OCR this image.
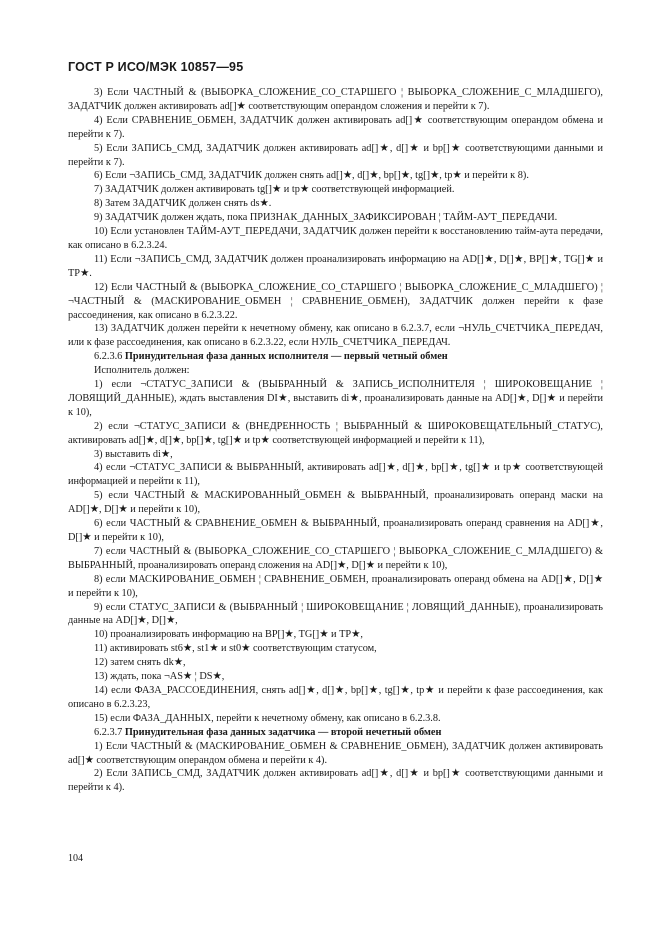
ГОСТ Р ИСО/МЭК 10857—95

3) Если ЧАСТНЫЙ & (ВЫБОРКА_СЛОЖЕНИЕ_СО_СТАРШЕГО ¦ ВЫБОРКА_СЛОЖЕНИЕ_С_МЛАДШЕГО), ЗАДАТЧИК должен активировать ad[]★ соответствующим операндом сложения и перейти к 7).

4) Если СРАВНЕНИЕ_ОБМЕН, ЗАДАТЧИК должен активировать ad[]★ соответствующим операндом обмена и перейти к 7).

5) Если ЗАПИСЬ_СМД, ЗАДАТЧИК должен активировать ad[]★, d[]★ и bp[]★ соответствующими данными и перейти к 7).

6) Если ¬ЗАПИСЬ_СМД, ЗАДАТЧИК должен снять ad[]★, d[]★, bp[]★, tg[]★, tp★ и перейти к 8).

7) ЗАДАТЧИК должен активировать tg[]★ и tp★ соответствующей информацией.

8) Затем ЗАДАТЧИК должен снять ds★.

9) ЗАДАТЧИК должен ждать, пока ПРИЗНАК_ДАННЫХ_ЗАФИКСИРОВАН ¦ ТАЙМ-АУТ_ПЕРЕДАЧИ.

10) Если установлен ТАЙМ-АУТ_ПЕРЕДАЧИ, ЗАДАТЧИК должен перейти к восстановлению тайм-аута передачи, как описано в 6.2.3.24.

11) Если ¬ЗАПИСЬ_СМД, ЗАДАТЧИК должен проанализировать информацию на AD[]★, D[]★, BP[]★, TG[]★ и TP★.

12) Если ЧАСТНЫЙ & (ВЫБОРКА_СЛОЖЕНИЕ_СО_СТАРШЕГО ¦ ВЫБОРКА_СЛОЖЕНИЕ_С_МЛАДШЕГО) ¦ ¬ЧАСТНЫЙ & (МАСКИРОВАНИЕ_ОБМЕН ¦ СРАВНЕНИЕ_ОБМЕН), ЗАДАТЧИК должен перейти к фазе рассоединения, как описано в 6.2.3.22.

13) ЗАДАТЧИК должен перейти к нечетному обмену, как описано в 6.2.3.7, если ¬НУЛЬ_СЧЕТЧИКА_ПЕРЕДАЧ, или к фазе рассоединения, как описано в 6.2.3.22, если НУЛЬ_СЧЕТЧИКА_ПЕРЕДАЧ.

6.2.3.6 Принудительная фаза данных исполнителя — первый четный обмен

Исполнитель должен:

1) если ¬СТАТУС_ЗАПИСИ & (ВЫБРАННЫЙ & ЗАПИСЬ_ИСПОЛНИТЕЛЯ ¦ ШИРОКОВЕЩАНИЕ ¦ ЛОВЯЩИЙ_ДАННЫЕ), ждать выставления DI★, выставить di★, проанализировать данные на AD[]★, D[]★ и перейти к 10),

2) если ¬СТАТУС_ЗАПИСИ & (ВНЕДРЕННОСТЬ ¦ ВЫБРАННЫЙ & ШИРОКОВЕЩАТЕЛЬНЫЙ_СТАТУС), активировать ad[]★, d[]★, bp[]★, tg[]★ и tp★ соответствующей информацией и перейти к 11),

3) выставить di★,

4) если ¬СТАТУС_ЗАПИСИ & ВЫБРАННЫЙ, активировать ad[]★, d[]★, bp[]★, tg[]★ и tp★ соответствующей информацией и перейти к 11),

5) если ЧАСТНЫЙ & МАСКИРОВАННЫЙ_ОБМЕН & ВЫБРАННЫЙ, проанализировать операнд маски на AD[]★, D[]★ и перейти к 10),

6) если ЧАСТНЫЙ & СРАВНЕНИЕ_ОБМЕН & ВЫБРАННЫЙ, проанализировать операнд сравнения на AD[]★, D[]★ и перейти к 10),

7) если ЧАСТНЫЙ & (ВЫБОРКА_СЛОЖЕНИЕ_СО_СТАРШЕГО ¦ ВЫБОРКА_СЛОЖЕНИЕ_С_МЛАДШЕГО) & ВЫБРАННЫЙ, проанализировать операнд сложения на AD[]★, D[]★ и перейти к 10),

8) если МАСКИРОВАНИЕ_ОБМЕН ¦ СРАВНЕНИЕ_ОБМЕН, проанализировать операнд обмена на AD[]★, D[]★ и перейти к 10),

9) если СТАТУС_ЗАПИСИ & (ВЫБРАННЫЙ ¦ ШИРОКОВЕЩАНИЕ ¦ ЛОВЯЩИЙ_ДАННЫЕ), проанализировать данные на AD[]★, D[]★,

10) проанализировать информацию на BP[]★, TG[]★ и TP★,

11) активировать st6★, st1★ и st0★ соответствующим статусом,

12) затем снять dk★,

13) ждать, пока ¬AS★ ¦ DS★,

14) если ФАЗА_РАССОЕДИНЕНИЯ, снять ad[]★, d[]★, bp[]★, tg[]★, tp★ и перейти к фазе рассоединения, как описано в 6.2.3.23,

15) если ФАЗА_ДАННЫХ, перейти к нечетному обмену, как описано в 6.2.3.8.

6.2.3.7 Принудительная фаза данных задатчика — второй нечетный обмен

1) Если ЧАСТНЫЙ & (МАСКИРОВАНИЕ_ОБМЕН & СРАВНЕНИЕ_ОБМЕН), ЗАДАТЧИК должен активировать ad[]★ соответствующим операндом обмена и перейти к 4).

2) Если ЗАПИСЬ_СМД, ЗАДАТЧИК должен активировать ad[]★, d[]★ и bp[]★ соответствующими данными и перейти к 4).

104
